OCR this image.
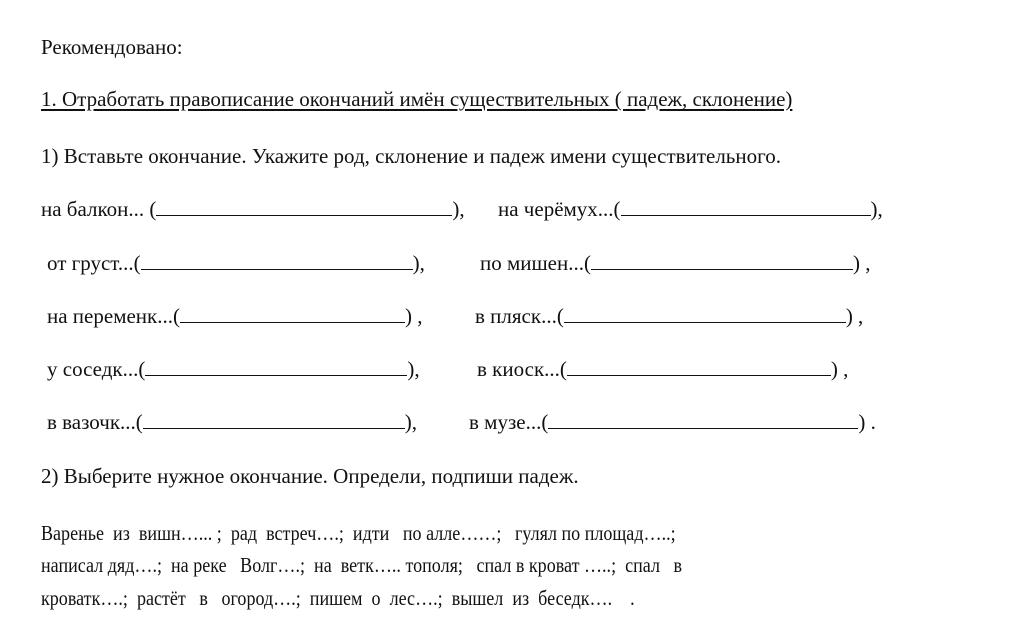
Рекомендовано:
1. Отработать правописание окончаний имён существительных ( падеж, склонение)
1) Вставьте окончание. Укажите род, склонение и падеж имени существительного.
на балкон... (	), на черёмух...(	),
от груст...(	),	по мишен...(	) ,
на переменк...(	) ,	в пляск...(	) ,
у соседк...(	),	в киоск...(	) ,
в вазочк...(	), в музе...(	) .
2) Выберите нужное окончание. Определи, подпиши падеж.
Варенье  из  вишн…... ;  рад  встреч….;  идти   по алле……;   гулял по площад…..;
написал дяд….;  на реке   Волг….;  на  ветк….. тополя;   спал в кроват …..;  спал   в
кроватк….;  растёт   в   огород….;  пишем  о  лес….;  вышел  из  беседк….    .
